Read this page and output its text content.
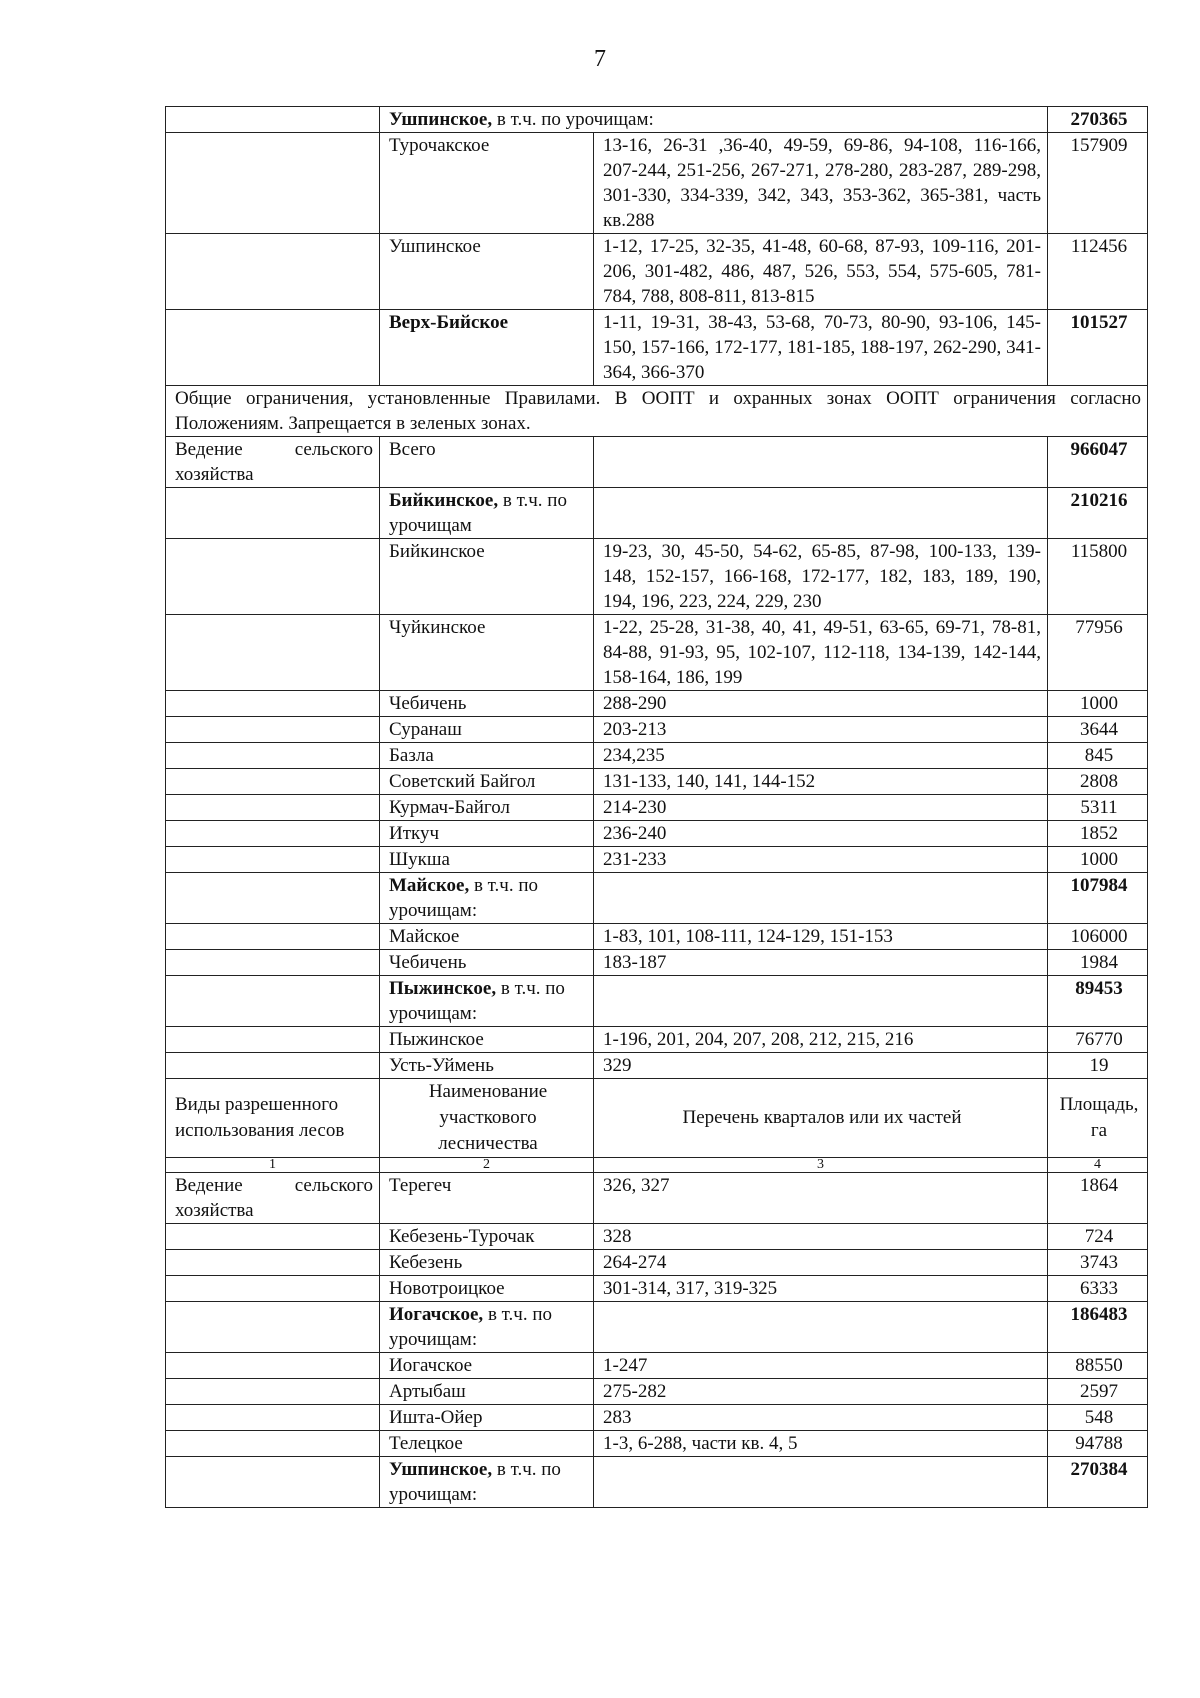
7
	Ушпинское, в т.ч. по урочищам:		270365
	Турочакское	13-16, 26-31 ,36-40, 49-59, 69-86, 94-108, 116-166, 207-244, 251-256, 267-271, 278-280, 283-287, 289-298, 301-330, 334-339, 342, 343, 353-362, 365-381, часть кв.288	157909
	Ушпинское	1-12, 17-25, 32-35, 41-48, 60-68, 87-93, 109-116, 201-206, 301-482, 486, 487, 526, 553, 554, 575-605, 781-784, 788, 808-811, 813-815	112456
	Верх-Бийское	1-11, 19-31, 38-43, 53-68, 70-73, 80-90, 93-106, 145-150, 157-166, 172-177, 181-185, 188-197, 262-290, 341-364, 366-370	101527
Общие ограничения, установленные Правилами. В ООПТ и охранных зонах ООПТ ограничения согласно Положениям. Запрещается в зеленых зонах.			
Ведение сельского хозяйства	Всего		966047
	Бийкинское, в т.ч. по урочищам		210216
	Бийкинское	19-23, 30, 45-50, 54-62, 65-85, 87-98, 100-133, 139-148, 152-157, 166-168, 172-177, 182, 183, 189, 190, 194, 196, 223, 224, 229, 230	115800
	Чуйкинское	1-22, 25-28, 31-38, 40, 41, 49-51, 63-65, 69-71, 78-81, 84-88, 91-93, 95, 102-107, 112-118, 134-139, 142-144, 158-164, 186, 199	77956
	Чебичень	288-290	1000
	Суранаш	203-213	3644
	Базла	234,235	845
	Советский Байгол	131-133, 140, 141, 144-152	2808
	Курмач-Байгол	214-230	5311
	Иткуч	236-240	1852
	Шукша	231-233	1000
	Майское, в т.ч. по урочищам:		107984
	Майское	1-83, 101, 108-111, 124-129, 151-153	106000
	Чебичень	183-187	1984
	Пыжинское, в т.ч. по урочищам:		89453
	Пыжинское	1-196, 201, 204, 207, 208, 212, 215, 216	76770
	Усть-Уймень	329	19
Виды разрешенного использования лесов	Наименование участкового лесничества	Перечень кварталов или их частей	Площадь, га
1	2	3	4
Ведение сельского хозяйства	Терегеч	326, 327	1864
	Кебезень-Турочак	328	724
	Кебезень	264-274	3743
	Новотроицкое	301-314, 317, 319-325	6333
	Иогачское, в т.ч. по урочищам:		186483
	Иогачское	1-247	88550
	Артыбаш	275-282	2597
	Ишта-Ойер	283	548
	Телецкое	1-3, 6-288, части кв. 4, 5	94788
	Ушпинское, в т.ч. по урочищам:		270384
